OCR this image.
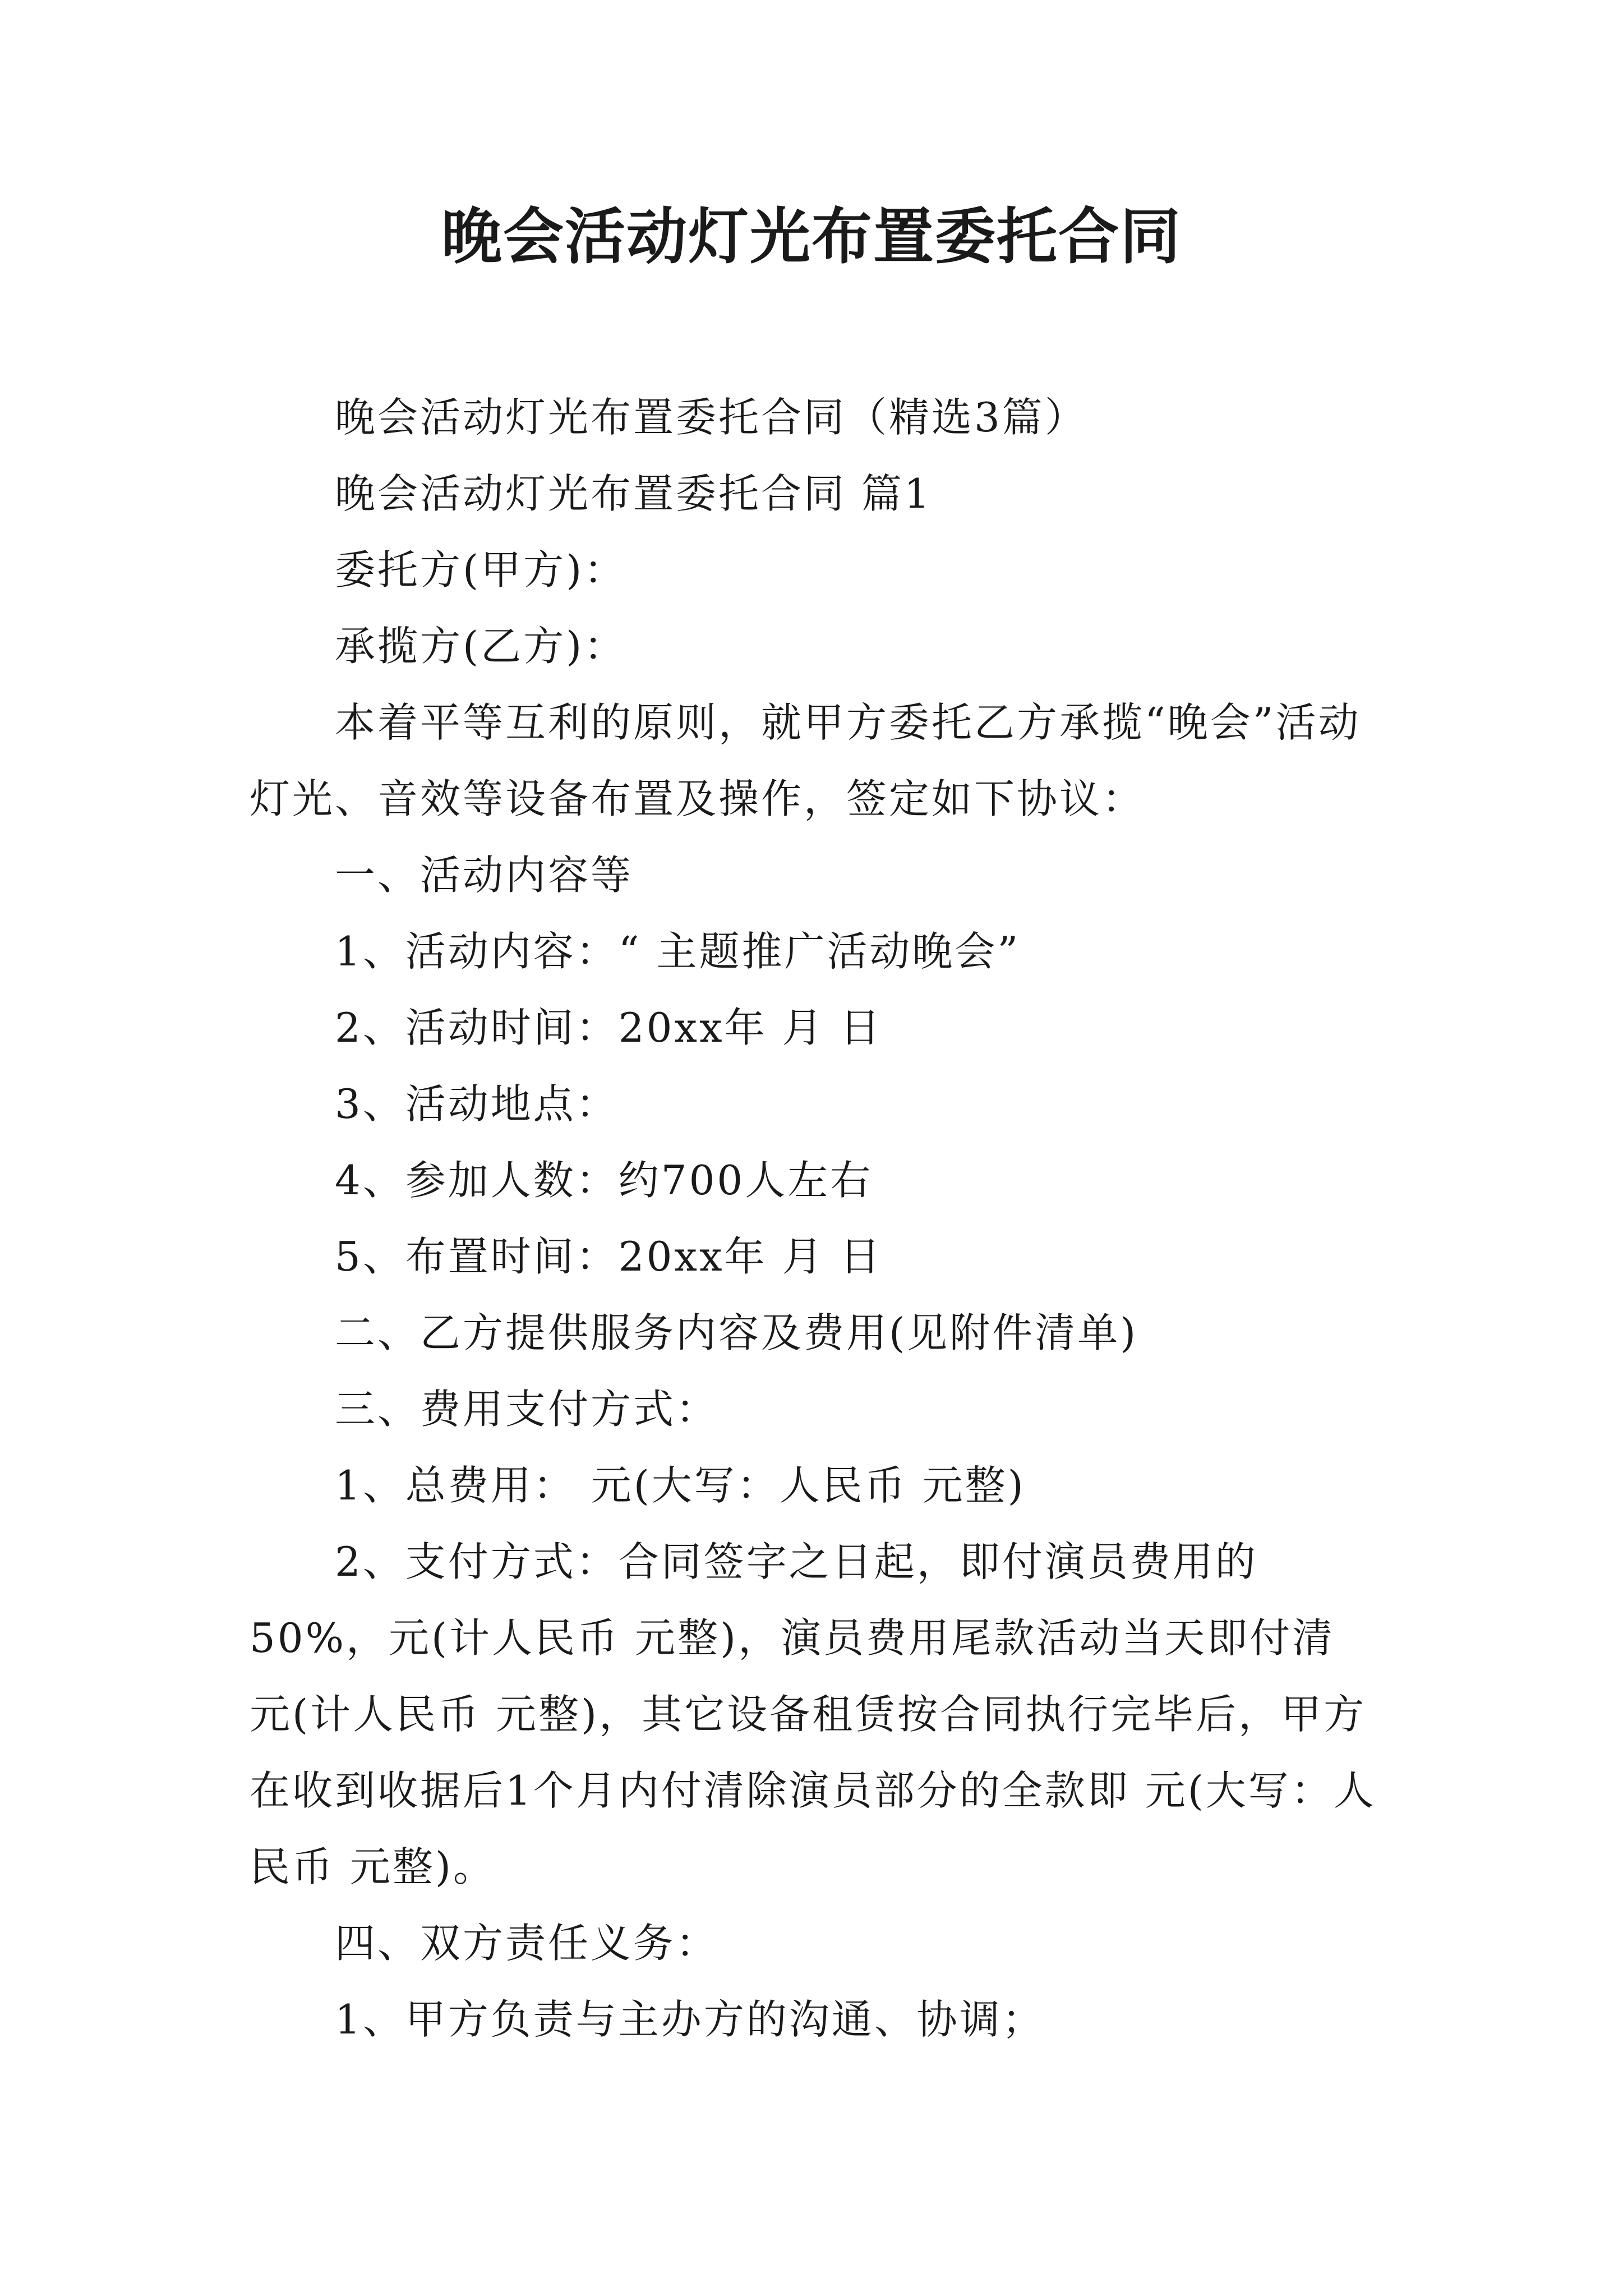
晚会活动灯光布置委托合同

晚会活动灯光布置委托合同（精选3篇）

晚会活动灯光布置委托合同 篇1

委托方(甲方)：

承揽方(乙方)：

本着平等互利的原则，就甲方委托乙方承揽“晚会”活动灯光、音效等设备布置及操作，签定如下协议：

一、活动内容等

1、活动内容：“ 主题推广活动晚会”

2、活动时间：20xx年 月 日

3、活动地点：

4、参加人数：约700人左右

5、布置时间：20xx年 月 日

二、乙方提供服务内容及费用(见附件清单)

三、费用支付方式：

1、总费用： 元(大写：人民币 元整)

2、支付方式：合同签字之日起，即付演员费用的50%，元(计人民币 元整)，演员费用尾款活动当天即付清 元(计人民币 元整)，其它设备租赁按合同执行完毕后，甲方在收到收据后1个月内付清除演员部分的全款即 元(大写：人民币 元整)。

四、双方责任义务：

1、甲方负责与主办方的沟通、协调；
